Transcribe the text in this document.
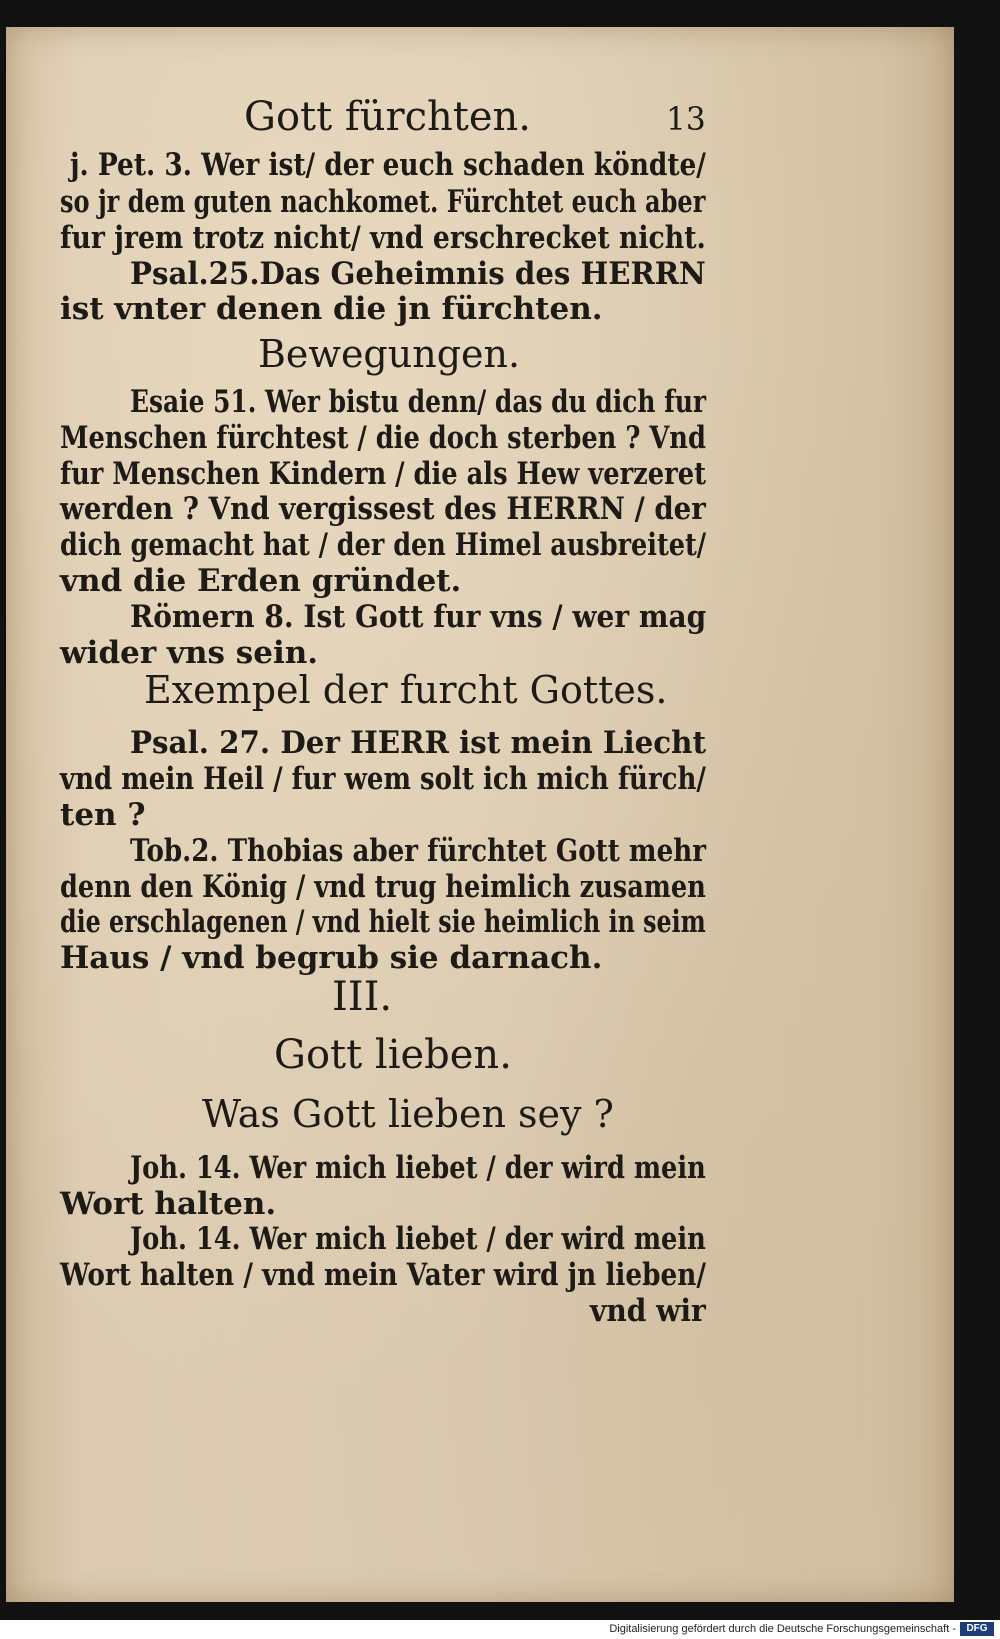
Gott fürchten.	13
j. Pet. 3. Wer ist/ der euch schaden köndte/
so jr dem guten nachkomet. Fürchtet euch aber
fur jrem trotz nicht/ vnd erschrecket nicht.
Psal.25.Das Geheimnis des HERRN
ist vnter denen die jn fürchten.
Bewegungen.
Esaie 51. Wer bistu denn/ das du dich fur
Menschen fürchtest / die doch sterben ? Vnd
fur Menschen Kindern / die als Hew verzeret
werden ? Vnd vergissest des HERRN / der
dich gemacht hat / der den Himel ausbreitet/
vnd die Erden gründet.
Römern 8. Ist Gott fur vns / wer mag
wider vns sein.
Exempel der furcht Gottes.
Psal. 27. Der HERR ist mein Liecht
vnd mein Heil / fur wem solt ich mich fürch/
ten ?
Tob.2. Thobias aber fürchtet Gott mehr
denn den König / vnd trug heimlich zusamen
die erschlagenen / vnd hielt sie heimlich in seim
Haus / vnd begrub sie darnach.
III.
Gott lieben.
Was Gott lieben sey ?
Joh. 14. Wer mich liebet / der wird mein
Wort halten.
Joh. 14. Wer mich liebet / der wird mein
Wort halten / vnd mein Vater wird jn lieben/
vnd wir
Digitalisierung gefördert durch die Deutsche Forschungsgemeinschaft -	DFG
